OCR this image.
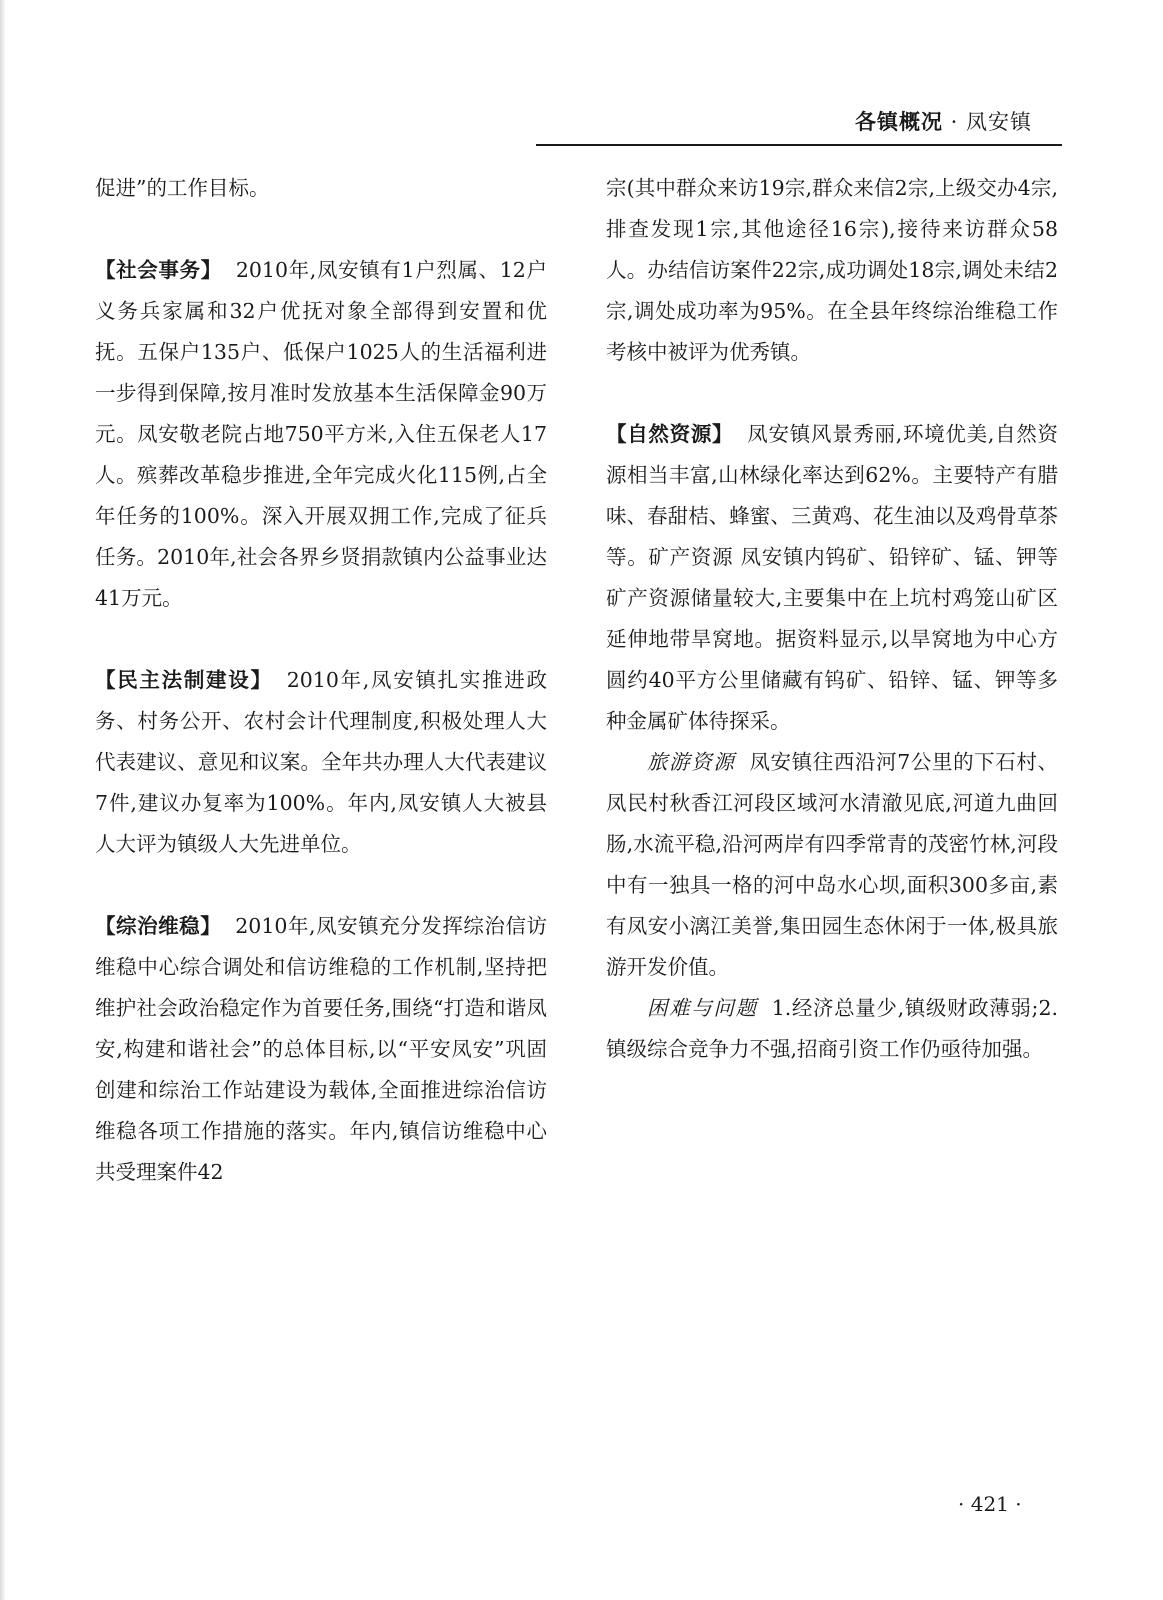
各镇概况 · 凤安镇

促进”的工作目标。

【社会事务】 2010年,凤安镇有1户烈属、12户义务兵家属和32户优抚对象全部得到安置和优抚。五保户135户、低保户1025人的生活福利进一步得到保障,按月准时发放基本生活保障金90万元。凤安敬老院占地750平方米,入住五保老人17人。殡葬改革稳步推进,全年完成火化115例,占全年任务的100%。深入开展双拥工作,完成了征兵任务。2010年,社会各界乡贤捐款镇内公益事业达41万元。

【民主法制建设】 2010年,凤安镇扎实推进政务、村务公开、农村会计代理制度,积极处理人大代表建议、意见和议案。全年共办理人大代表建议7件,建议办复率为100%。年内,凤安镇人大被县人大评为镇级人大先进单位。

【综治维稳】 2010年,凤安镇充分发挥综治信访维稳中心综合调处和信访维稳的工作机制,坚持把维护社会政治稳定作为首要任务,围绕“打造和谐凤安,构建和谐社会”的总体目标,以“平安凤安”巩固创建和综治工作站建设为载体,全面推进综治信访维稳各项工作措施的落实。年内,镇信访维稳中心共受理案件42

宗(其中群众来访19宗,群众来信2宗,上级交办4宗,排查发现1宗,其他途径16宗),接待来访群众58人。办结信访案件22宗,成功调处18宗,调处未结2宗,调处成功率为95%。在全县年终综治维稳工作考核中被评为优秀镇。

【自然资源】 凤安镇风景秀丽,环境优美,自然资源相当丰富,山林绿化率达到62%。主要特产有腊味、春甜桔、蜂蜜、三黄鸡、花生油以及鸡骨草茶等。矿产资源 凤安镇内钨矿、铅锌矿、锰、钾等矿产资源储量较大,主要集中在上坑村鸡笼山矿区延伸地带旱窝地。据资料显示,以旱窝地为中心方圆约40平方公里储藏有钨矿、铅锌、锰、钾等多种金属矿体待探采。

旅游资源 凤安镇往西沿河7公里的下石村、凤民村秋香江河段区域河水清澈见底,河道九曲回肠,水流平稳,沿河两岸有四季常青的茂密竹林,河段中有一独具一格的河中岛水心坝,面积300多亩,素有凤安小漓江美誉,集田园生态休闲于一体,极具旅游开发价值。

困难与问题 1.经济总量少,镇级财政薄弱;2.镇级综合竞争力不强,招商引资工作仍亟待加强。

· 421 ·
